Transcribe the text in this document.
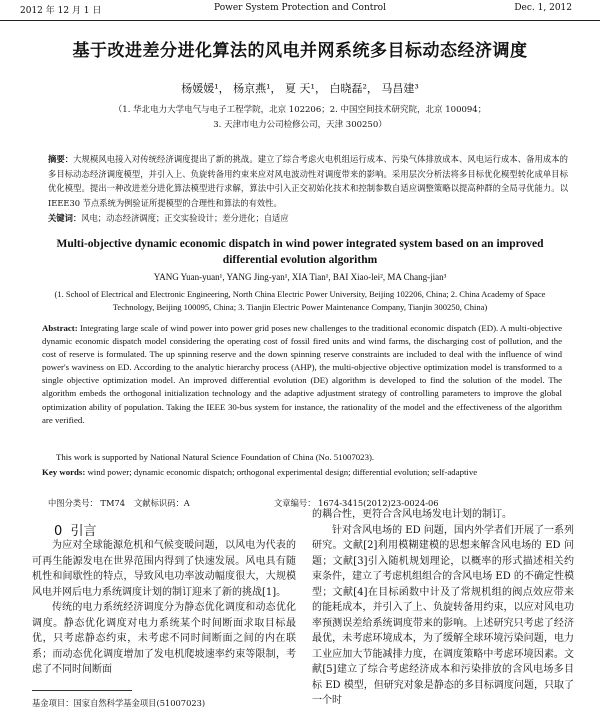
2012 年 12 月 1 日	Power System Protection and Control	Dec. 1, 2012
基于改进差分进化算法的风电并网系统多目标动态经济调度
杨媛媛¹， 杨京燕¹， 夏 天¹， 白晓磊²， 马昌建³
（1. 华北电力大学电气与电子工程学院，北京 102206；2. 中国空间技术研究院，北京 100094；
3. 天津市电力公司检修公司，天津 300250）
摘要：大规模风电接入对传统经济调度提出了新的挑战。建立了综合考虑火电机组运行成本、污染气体排放成本、风电运行成本、备用成本的多目标动态经济调度模型，并引入上、负旋转备用约束来应对风电波动性对调度带来的影响。采用层次分析法将多目标优化模型转化成单目标优化模型。提出一种改进差分进化算法模型进行求解，算法中引入正交初始化技术和控制参数自适应调整策略以提高种群的全局寻优能力。以 IEEE30 节点系统为例验证所提模型的合理性和算法的有效性。
关键词：风电；动态经济调度；正交实验设计；差分进化；自适应
Multi-objective dynamic economic dispatch in wind power integrated system based on an improved differential evolution algorithm
YANG Yuan-yuan¹, YANG Jing-yan¹, XIA Tian¹, BAI Xiao-lei², MA Chang-jian³
(1. School of Electrical and Electronic Engineering, North China Electric Power University, Beijing 102206, China; 2. China Academy of Space Technology, Beijing 100095, China; 3. Tianjin Electric Power Maintenance Company, Tianjin 300250, China)
Abstract: Integrating large scale of wind power into power grid poses new challenges to the traditional economic dispatch (ED). A multi-objective dynamic economic dispatch model considering the operating cost of fossil fired units and wind farms, the discharging cost of pollution, and the cost of reserve is formulated. The up spinning reserve and the down spinning reserve constraints are included to deal with the influence of wind power's waviness on ED. According to the analytic hierarchy process (AHP), the multi-objective objective optimization model is transformed to a single objective optimization model. An improved differential evolution (DE) algorithm is developed to find the solution of the model. The algorithm embeds the orthogonal initialization technology and the adaptive adjustment strategy of controlling parameters to improve the global optimization ability of population. Taking the IEEE 30-bus system for instance, the rationality of the model and the effectiveness of the algorithm are verified.
This work is supported by National Natural Science Foundation of China (No. 51007023).
Key words: wind power; dynamic economic dispatch; orthogonal experimental design; differential evolution; self-adaptive
中图分类号： TM74 文献标识码：A	文章编号： 1674-3415(2012)23-0024-06
0 引言

为应对全球能源危机和气候变暖问题，以风电为代表的可再生能源发电在世界范围内得到了快速发展。风电具有随机性和间歇性的特点，导致风电功率波动幅度很大，大规模风电并网后电力系统调度计划的制订迎来了新的挑战[1]。

传统的电力系统经济调度分为静态优化调度和动态优化调度。静态优化调度对电力系统某个时间断面求取目标最优，只考虑静态约束，未考虑不同时间断面之间的内在联系；而动态优化调度增加了发电机爬坡速率约束等限制，考虑了不同时间断面

的耦合性，更符合含风电场发电计划的制订。

针对含风电场的 ED 问题，国内外学者们开展了一系列研究。文献[2]利用模糊建模的思想来解含风电场的 ED 问题；文献[3]引入随机规划理论，以概率的形式描述相关约束条件，建立了考虑机组组合的含风电场 ED 的不确定性模型；文献[4]在目标函数中计及了常规机组的阀点效应带来的能耗成本，并引入了上、负旋转备用约束，以应对风电功率预测误差给系统调度带来的影响。上述研究只考虑了经济最优，未考虑环境成本，为了缓解全球环境污染问题，电力工业应加大节能减排力度，在调度策略中考虑环境因素。文献[5]建立了综合考虑经济成本和污染排放的含风电场多目标 ED 模型，但研究对象是静态的多目标调度问题，只取了一个时

基金项目：国家自然科学基金项目(51007023)
